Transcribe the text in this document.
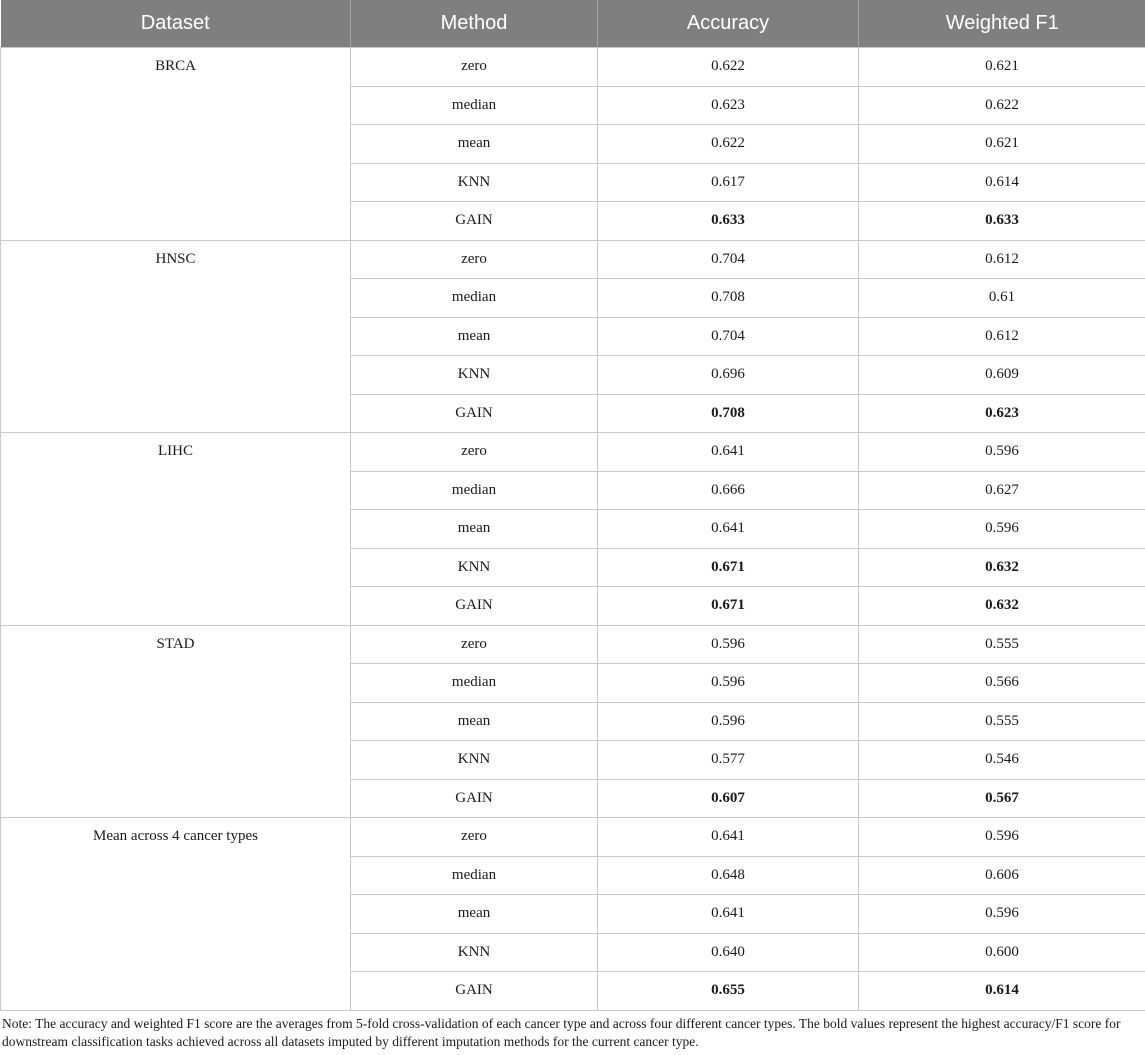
Dataset	Method	Accuracy	Weighted F1
BRCA	zero	0.622	0.621
	median	0.623	0.622
	mean	0.622	0.621
	KNN	0.617	0.614
	GAIN	0.633	0.633
HNSC	zero	0.704	0.612
	median	0.708	0.61
	mean	0.704	0.612
	KNN	0.696	0.609
	GAIN	0.708	0.623
LIHC	zero	0.641	0.596
	median	0.666	0.627
	mean	0.641	0.596
	KNN	0.671	0.632
	GAIN	0.671	0.632
STAD	zero	0.596	0.555
	median	0.596	0.566
	mean	0.596	0.555
	KNN	0.577	0.546
	GAIN	0.607	0.567
Mean across 4 cancer types	zero	0.641	0.596
	median	0.648	0.606
	mean	0.641	0.596
	KNN	0.640	0.600
	GAIN	0.655	0.614
Note: The accuracy and weighted F1 score are the averages from 5-fold cross-validation of each cancer type and across four different cancer types. The bold values represent the highest accuracy/F1 score for downstream classification tasks achieved across all datasets imputed by different imputation methods for the current cancer type.
